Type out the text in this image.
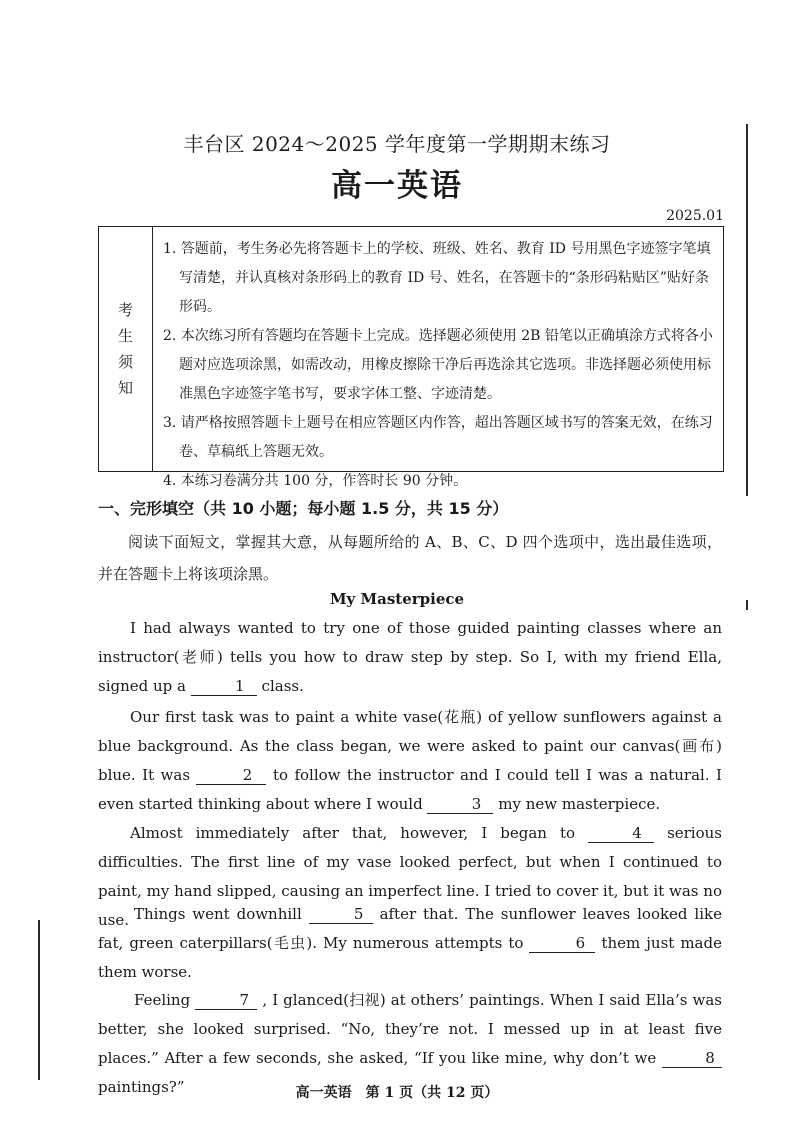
丰台区 2024～2025 学年度第一学期期末练习
高一英语
2025.01
考
生
须
知
1. 答题前，考生务必先将答题卡上的学校、班级、姓名、教育 ID 号用黑色字迹签字笔填写清楚，并认真核对条形码上的教育 ID 号、姓名，在答题卡的“条形码粘贴区”贴好条形码。
2. 本次练习所有答题均在答题卡上完成。选择题必须使用 2B 铅笔以正确填涂方式将各小题对应选项涂黑，如需改动，用橡皮擦除干净后再选涂其它选项。非选择题必须使用标准黑色字迹签字笔书写，要求字体工整、字迹清楚。
3. 请严格按照答题卡上题号在相应答题区内作答，超出答题区域书写的答案无效，在练习卷、草稿纸上答题无效。
4. 本练习卷满分共 100 分，作答时长 90 分钟。
一、完形填空（共 10 小题；每小题 1.5 分，共 15 分）
阅读下面短文，掌握其大意，从每题所给的 A、B、C、D 四个选项中，选出最佳选项，并在答题卡上将该项涂黑。
My Masterpiece
I had always wanted to try one of those guided painting classes where an instructor(老师) tells you how to draw step by step. So I, with my friend Ella, signed up a	1 class.
Our first task was to paint a white vase(花瓶) of yellow sunflowers against a blue background. As the class began, we were asked to paint our canvas(画布) blue. It was	2 to follow the instructor and I could tell I was a natural. I even started thinking about where I would	3 my new masterpiece.
Almost immediately after that, however, I began to	4 serious difficulties. The first line of my vase looked perfect, but when I continued to paint, my hand slipped, causing an imperfect line. I tried to cover it, but it was no use. Things went downhill	5 after that. The sunflower leaves looked like fat, green caterpillars(毛虫). My numerous attempts to	6 them just made them worse.
Feeling	7 , I glanced(扫视) at others’ paintings. When I said Ella’s was better, she looked surprised. “No, they’re not. I messed up in at least five places.” After a few seconds, she asked, “If you like mine, why don’t we	8 paintings?”	高一英语　第 1 页（共 12 页）
